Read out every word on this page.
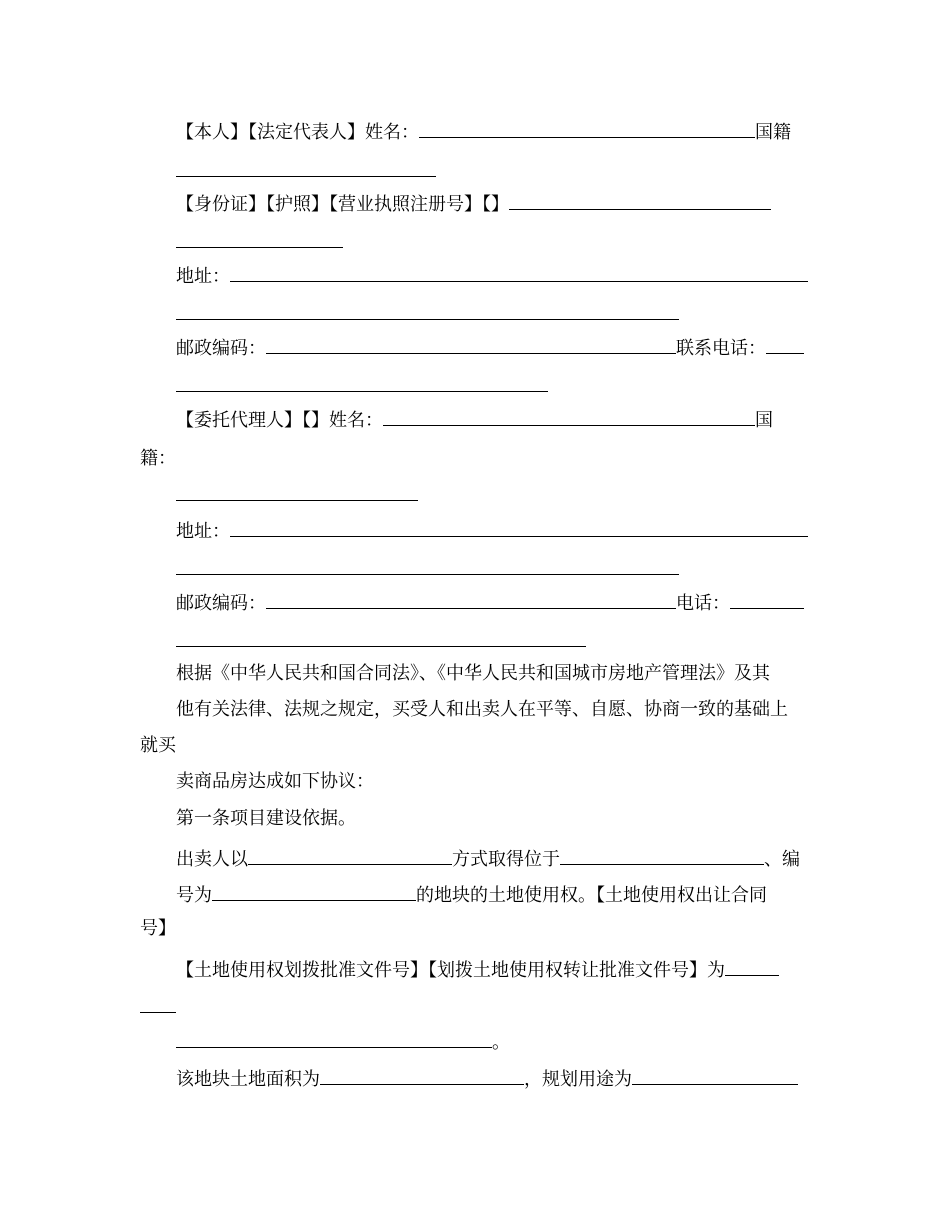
【本人】【法定代表人】姓名：	国籍
【身份证】【护照】【营业执照注册号】【】
地址：
邮政编码：	联系电话：
【委托代理人】【】姓名：	国
籍：
地址：
邮政编码：	电话：
根据《中华人民共和国合同法》、《中华人民共和国城市房地产管理法》及其
他有关法律、法规之规定，买受人和出卖人在平等、自愿、协商一致的基础上
就买
卖商品房达成如下协议：
第一条项目建设依据。
出卖人以	方式取得位于	、编
号为	的地块的土地使用权。【土地使用权出让合同
号】
【土地使用权划拨批准文件号】【划拨土地使用权转让批准文件号】为
。
该地块土地面积为	，规划用途为
